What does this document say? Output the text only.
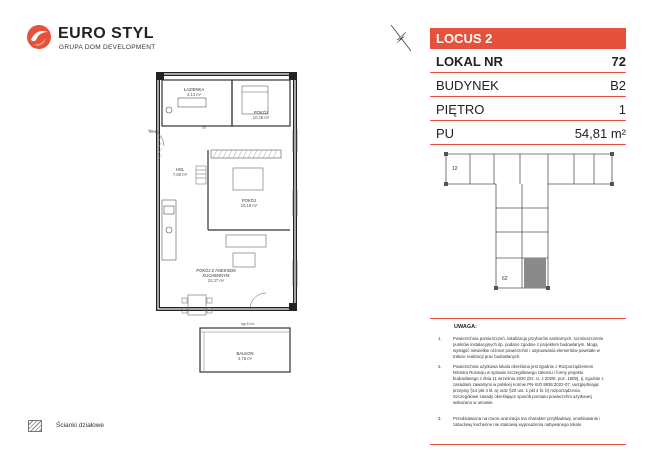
EURO STYL
GRUPA DOM DEVELOPMENT
ŁAZIENKA
4,14 m²
POKÓJ
10,25 m²
HOL
7,86 m²
POKÓJ
10,19 m²
POKÓJ Z ANEKSEM
KUCHENNYM
22,37 m²
BALKON
4,76 m²
hn=1m
hg=10 m
70
Ścianki działowe
LOCUS 2
LOKAL NR	72
BUDYNEK	B2
PIĘTRO	1
PU	54,81 m²
12
62
UWAGA:
1.	Powierzchnia pomieszczeń, lokalizacja przyborów sanitarnych, rozmieszczenie punktów instalacyjnych itp. podano zgodnie z projektem budowlanym. Mogą wystąpić niewielkie różnice powierzchni i usytuowania elementów powstałe w trakcie realizacji prac budowlanych.
2.	Powierzchnia użytkowa lokalu określona jest zgodnie z Rozporządzeniem Ministra Rozwoju w sprawie szczegółowego zakresu i formy projektu budowlanego z dnia 11 września 2020 (Dz. U. z 2020r. poz. 1609), tj. zgodnie z zasadami zawartymi w polskiej normie PN-ISO 9836:2022-07, uwzględniając przepisy §14 pkt 4 lit. a) oraz §20 ust. 1 pkt 4 lit. b) rozporządzenia. Szczegółowe zasady określające sposób pomiaru powierzchni użytkowej wskazano w umowie.
3.	Przedstawiona na rzucie aranżacja ma charakter przykładowy, umeblowanie i zabudowy kuchenne nie stanowią wyposażenia nabywanego lokalu
